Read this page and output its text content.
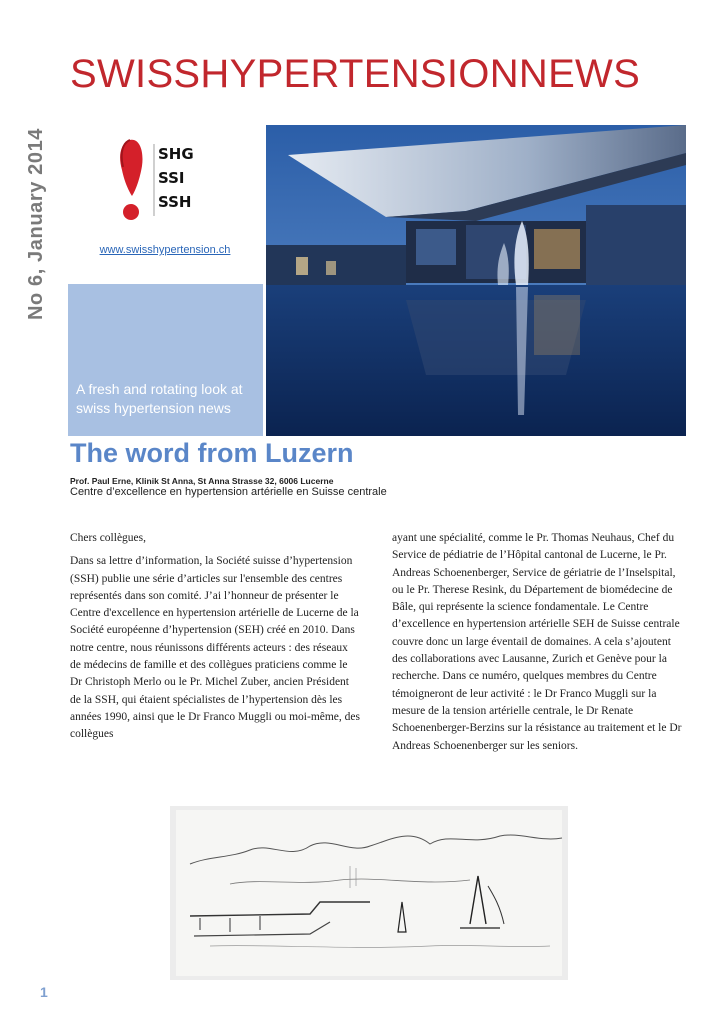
SWISSHYPERTENSIONNEWS
No 6, January 2014	SHG
SSI
SSH
www.swisshypertension.ch
A fresh and rotating look at swiss hypertension news
The word from Luzern
Prof. Paul Erne, Klinik St Anna, St Anna Strasse 32, 6006 Lucerne
Centre d’excellence en hypertension artérielle en Suisse centrale

Chers collègues,

Dans sa lettre d’information, la Société suisse d’hypertension (SSH) publie une série d’articles sur l'ensemble des centres représentés dans son comité. J’ai l’honneur de présenter le Centre d'excellence en hypertension artérielle de Lucerne de la Société européenne d’hypertension (SEH) créé en 2010. Dans notre centre, nous réunissons différents acteurs : des réseaux de médecins de famille et des collègues praticiens comme le Dr Christoph Merlo ou le Pr. Michel Zuber, ancien Président de la SSH, qui étaient spécialistes de l’hypertension dès les années 1990, ainsi que le Dr Franco Muggli ou moi-même, des collègues

ayant une spécialité, comme le Pr. Thomas Neuhaus, Chef du Service de pédiatrie de l’Hôpital cantonal de Lucerne, le Pr. Andreas Schoenenberger, Service de gériatrie de l’Inselspital, ou le Pr. Therese Resink, du Département de biomédecine de Bâle, qui représente la science fondamentale. Le Centre d’excellence en hypertension artérielle SEH de Suisse centrale couvre donc un large éventail de domaines. A cela s’ajoutent des collaborations avec Lausanne, Zurich et Genève pour la recherche. Dans ce numéro, quelques membres du Centre témoigneront de leur activité : le Dr Franco Muggli sur la mesure de la tension artérielle centrale, le Dr Renate Schoenenberger-Berzins sur la résistance au traitement et le Dr Andreas Schoenenberger sur les seniors.

1
